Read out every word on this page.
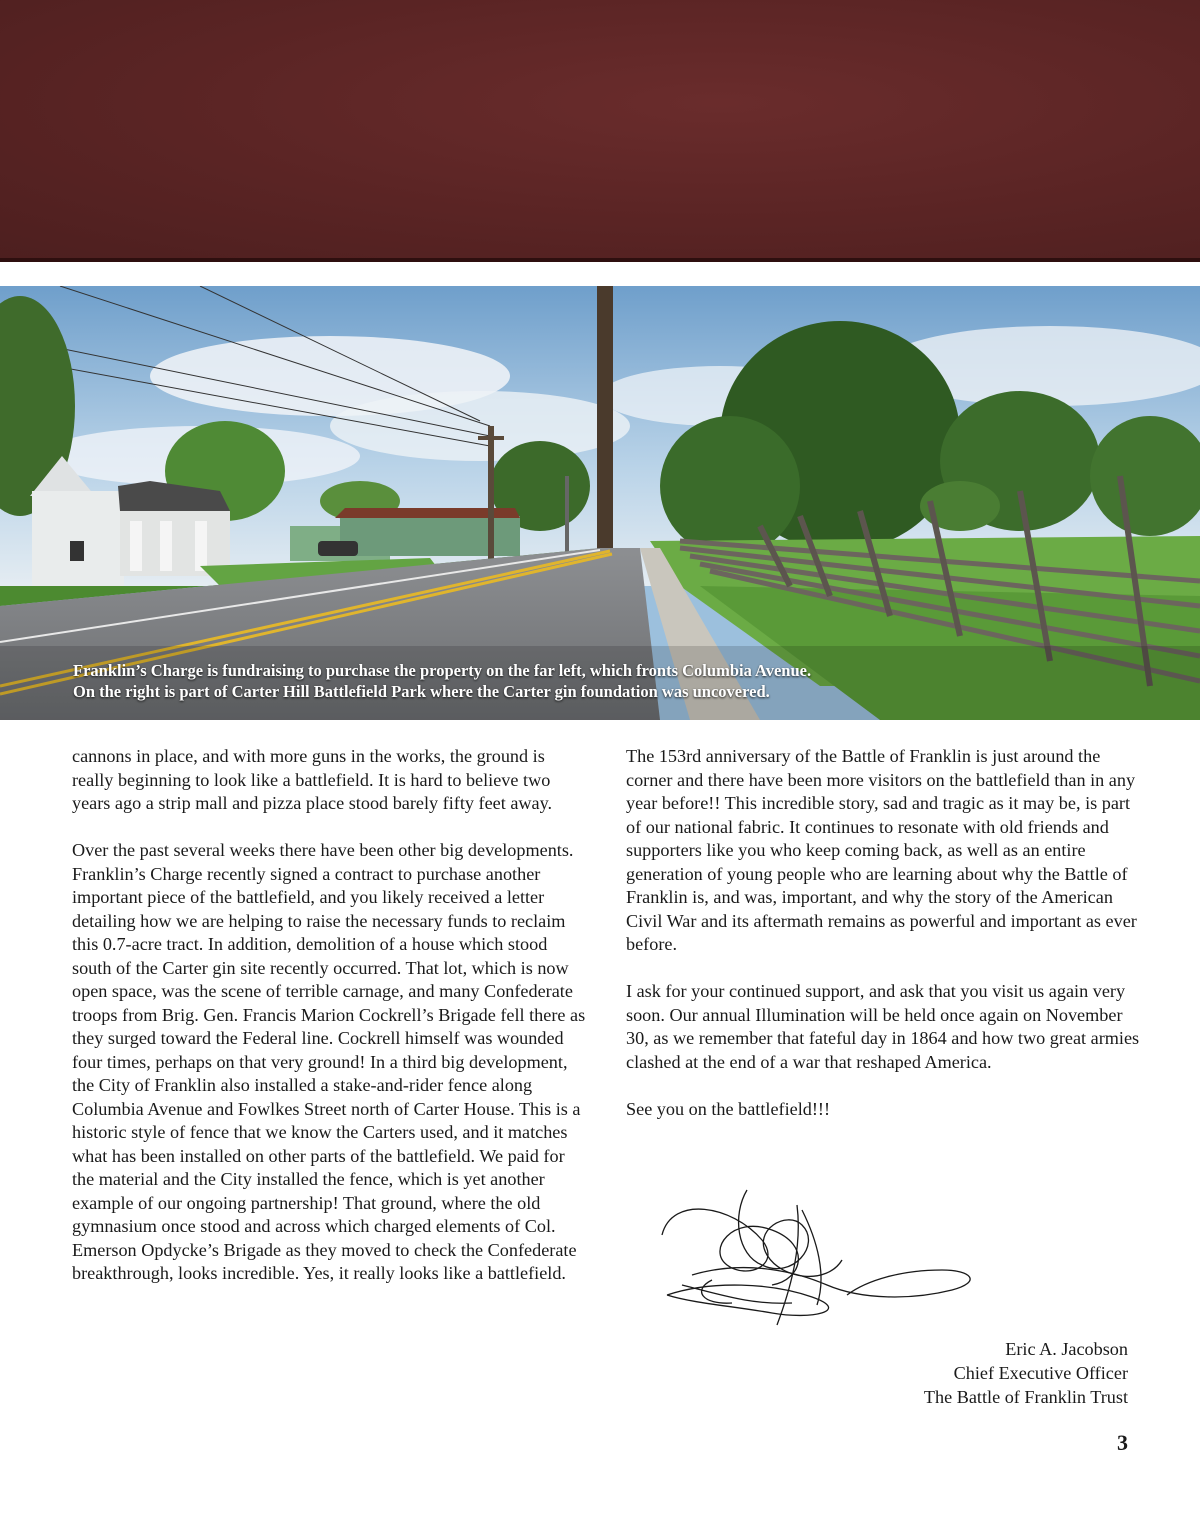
Franklin’s Charge is fundraising to purchase the property on the far left, which fronts Columbia Avenue.
On the right is part of Carter Hill Battlefield Park where the Carter gin foundation was uncovered.

cannons in place, and with more guns in the works, the ground is really beginning to look like a battlefield. It is hard to believe two years ago a strip mall and pizza place stood barely fifty feet away.

Over the past several weeks there have been other big developments. Franklin’s Charge recently signed a contract to purchase another important piece of the battlefield, and you likely received a letter detailing how we are helping to raise the necessary funds to reclaim this 0.7-acre tract. In addition, demolition of a house which stood south of the Carter gin site recently occurred. That lot, which is now open space, was the scene of terrible carnage, and many Confederate troops from Brig. Gen. Francis Marion Cockrell’s Brigade fell there as they surged toward the Federal line. Cockrell himself was wounded four times, perhaps on that very ground! In a third big development, the City of Franklin also installed a stake-and-rider fence along Columbia Avenue and Fowlkes Street north of Carter House. This is a historic style of fence that we know the Carters used, and it matches what has been installed on other parts of the battlefield. We paid for the material and the City installed the fence, which is yet another example of our ongoing partnership! That ground, where the old gymnasium once stood and across which charged elements of Col. Emerson Opdycke’s Brigade as they moved to check the Confederate breakthrough, looks incredible. Yes, it really looks like a battlefield.

The 153rd anniversary of the Battle of Franklin is just around the corner and there have been more visitors on the battlefield than in any year before!! This incredible story, sad and tragic as it may be, is part of our national fabric. It continues to resonate with old friends and supporters like you who keep coming back, as well as an entire generation of young people who are learning about why the Battle of Franklin is, and was, important, and why the story of the American Civil War and its aftermath remains as powerful and important as ever before.

I ask for your continued support, and ask that you visit us again very soon. Our annual Illumination will be held once again on November 30, as we remember that fateful day in 1864 and how two great armies clashed at the end of a war that reshaped America.

See you on the battlefield!!!

Eric A. Jacobson
Chief Executive Officer
The Battle of Franklin Trust
3
